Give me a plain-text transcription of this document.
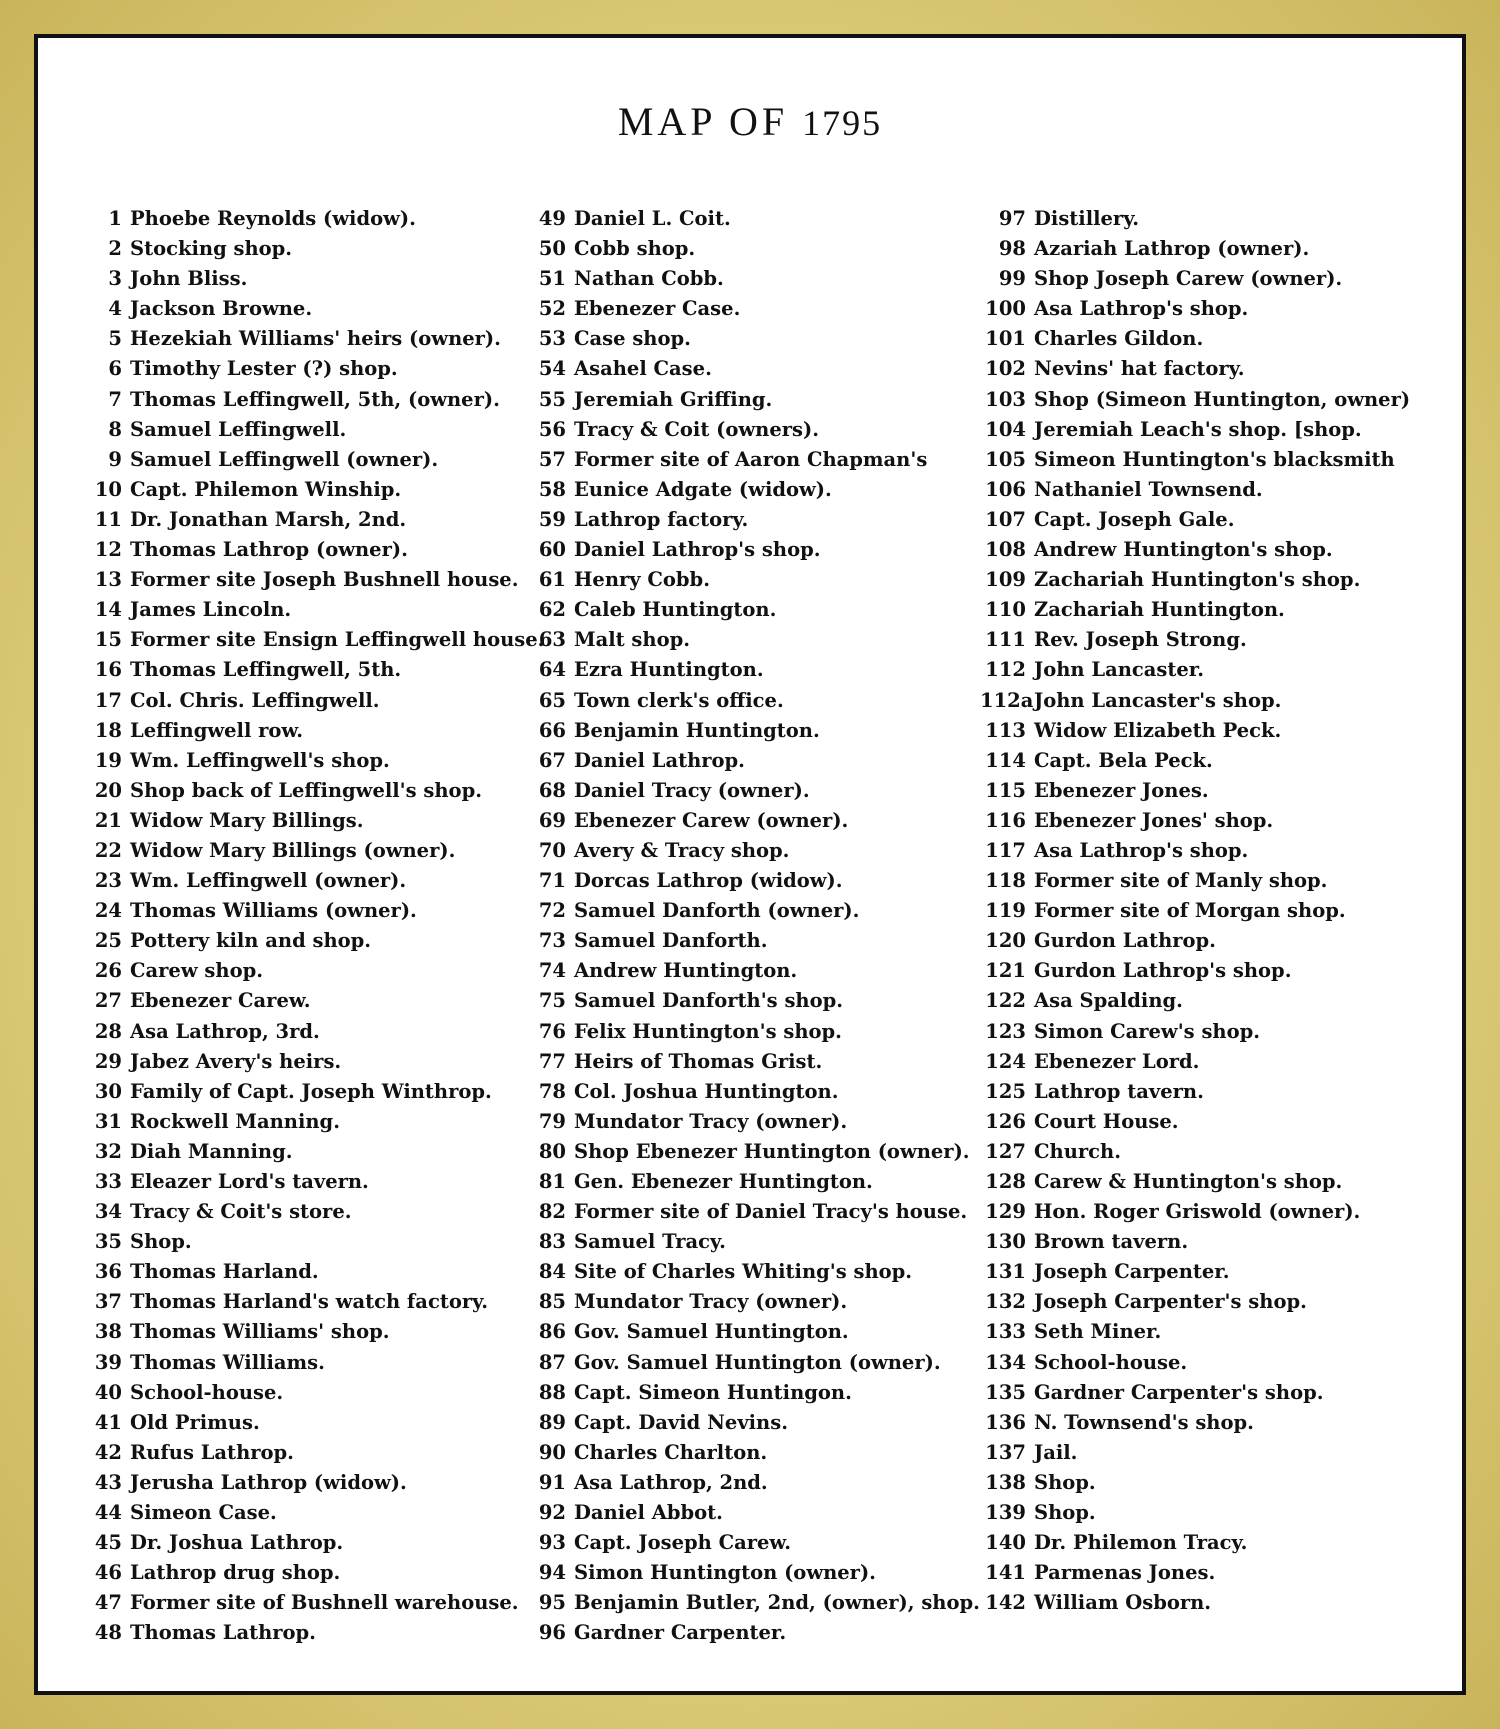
MAP OF 1795
1 Phoebe Reynolds (widow).
2 Stocking shop.
3 John Bliss.
4 Jackson Browne.
5 Hezekiah Williams' heirs (owner).
6 Timothy Lester (?) shop.
7 Thomas Leffingwell, 5th, (owner).
8 Samuel Leffingwell.
9 Samuel Leffingwell (owner).
10 Capt. Philemon Winship.
11 Dr. Jonathan Marsh, 2nd.
12 Thomas Lathrop (owner).
13 Former site Joseph Bushnell house.
14 James Lincoln.
15 Former site Ensign Leffingwell house.
16 Thomas Leffingwell, 5th.
17 Col. Chris. Leffingwell.
18 Leffingwell row.
19 Wm. Leffingwell's shop.
20 Shop back of Leffingwell's shop.
21 Widow Mary Billings.
22 Widow Mary Billings (owner).
23 Wm. Leffingwell (owner).
24 Thomas Williams (owner).
25 Pottery kiln and shop.
26 Carew shop.
27 Ebenezer Carew.
28 Asa Lathrop, 3rd.
29 Jabez Avery's heirs.
30 Family of Capt. Joseph Winthrop.
31 Rockwell Manning.
32 Diah Manning.
33 Eleazer Lord's tavern.
34 Tracy & Coit's store.
35 Shop.
36 Thomas Harland.
37 Thomas Harland's watch factory.
38 Thomas Williams' shop.
39 Thomas Williams.
40 School-house.
41 Old Primus.
42 Rufus Lathrop.
43 Jerusha Lathrop (widow).
44 Simeon Case.
45 Dr. Joshua Lathrop.
46 Lathrop drug shop.
47 Former site of Bushnell warehouse.
48 Thomas Lathrop.
49 Daniel L. Coit.
50 Cobb shop.
51 Nathan Cobb.
52 Ebenezer Case.
53 Case shop.
54 Asahel Case.
55 Jeremiah Griffing.
56 Tracy & Coit (owners).
57 Former site of Aaron Chapman's
58 Eunice Adgate (widow).
59 Lathrop factory.
60 Daniel Lathrop's shop.
61 Henry Cobb.
62 Caleb Huntington.
63 Malt shop.
64 Ezra Huntington.
65 Town clerk's office.
66 Benjamin Huntington.
67 Daniel Lathrop.
68 Daniel Tracy (owner).
69 Ebenezer Carew (owner).
70 Avery & Tracy shop.
71 Dorcas Lathrop (widow).
72 Samuel Danforth (owner).
73 Samuel Danforth.
74 Andrew Huntington.
75 Samuel Danforth's shop.
76 Felix Huntington's shop.
77 Heirs of Thomas Grist.
78 Col. Joshua Huntington.
79 Mundator Tracy (owner).
80 Shop Ebenezer Huntington (owner).
81 Gen. Ebenezer Huntington.
82 Former site of Daniel Tracy's house.
83 Samuel Tracy.
84 Site of Charles Whiting's shop.
85 Mundator Tracy (owner).
86 Gov. Samuel Huntington.
87 Gov. Samuel Huntington (owner).
88 Capt. Simeon Huntingon.
89 Capt. David Nevins.
90 Charles Charlton.
91 Asa Lathrop, 2nd.
92 Daniel Abbot.
93 Capt. Joseph Carew.
94 Simon Huntington (owner).
95 Benjamin Butler, 2nd, (owner), shop.
96 Gardner Carpenter.
97 Distillery.
98 Azariah Lathrop (owner).
99 Shop Joseph Carew (owner).
100 Asa Lathrop's shop.
101 Charles Gildon.
102 Nevins' hat factory.
103 Shop (Simeon Huntington, owner)
104 Jeremiah Leach's shop. [shop.
105 Simeon Huntington's blacksmith
106 Nathaniel Townsend.
107 Capt. Joseph Gale.
108 Andrew Huntington's shop.
109 Zachariah Huntington's shop.
110 Zachariah Huntington.
111 Rev. Joseph Strong.
112 John Lancaster.
112aJohn Lancaster's shop.
113 Widow Elizabeth Peck.
114 Capt. Bela Peck.
115 Ebenezer Jones.
116 Ebenezer Jones' shop.
117 Asa Lathrop's shop.
118 Former site of Manly shop.
119 Former site of Morgan shop.
120 Gurdon Lathrop.
121 Gurdon Lathrop's shop.
122 Asa Spalding.
123 Simon Carew's shop.
124 Ebenezer Lord.
125 Lathrop tavern.
126 Court House.
127 Church.
128 Carew & Huntington's shop.
129 Hon. Roger Griswold (owner).
130 Brown tavern.
131 Joseph Carpenter.
132 Joseph Carpenter's shop.
133 Seth Miner.
134 School-house.
135 Gardner Carpenter's shop.
136 N. Townsend's shop.
137 Jail.
138 Shop.
139 Shop.
140 Dr. Philemon Tracy.
141 Parmenas Jones.
142 William Osborn.
